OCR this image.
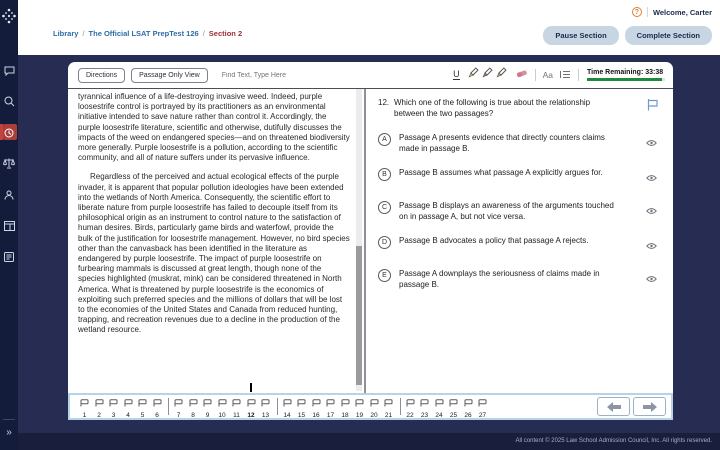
»
?	Welcome, Carter
Library / The Official LSAT PrepTest 126 / Section 2	Pause Section	Complete Section
Directions	Passage Only View
Find Text, Type Here	U	Aa	Time Remaining: 33:38

tyrannical influence of a life-destroying invasive weed. Indeed, purple loosestrife control is portrayed by its practitioners as an environmental initiative intended to save nature rather than control it. Accordingly, the purple loosestrife literature, scientific and otherwise, dutifully discusses the impacts of the weed on endangered species—and on threatened biodiversity more generally. Purple loosestrife is a pollution, according to the scientific community, and all of nature suffers under its pervasive influence.

Regardless of the perceived and actual ecological effects of the purple invader, it is apparent that popular pollution ideologies have been extended into the wetlands of North America. Consequently, the scientific effort to liberate nature from purple loosestrife has failed to decouple itself from its philosophical origin as an instrument to control nature to the satisfaction of human desires. Birds, particularly game birds and waterfowl, provide the bulk of the justification for loosestrife management. However, no bird species other than the canvasback has been identified in the literature as endangered by purple loosestrife. The impact of purple loosestrife on furbearing mammals is discussed at great length, though none of the species highlighted (muskrat, mink) can be considered threatened in North America. What is threatened by purple loosestrife is the economics of exploiting such preferred species and the millions of dollars that will be lost to the economies of the United States and Canada from reduced hunting, trapping, and recreation revenues due to a decline in the production of the wetland resource.

12. Which one of the following is true about the relationship between the two passages?
A	Passage A presents evidence that directly counters claims made in passage B.
B	Passage B assumes what passage A explicitly argues for.
C	Passage B displays an awareness of the arguments touched on in passage A, but not vice versa.
D	Passage B advocates a policy that passage A rejects.
E	Passage A downplays the seriousness of claims made in passage B.
1 2 3 4 5 6	7 8 9 10 11 12 13 14 15 16 17 18 19 20 21 22 23 24 25 26 27
All content © 2025 Law School Admission Council, Inc. All rights reserved.
